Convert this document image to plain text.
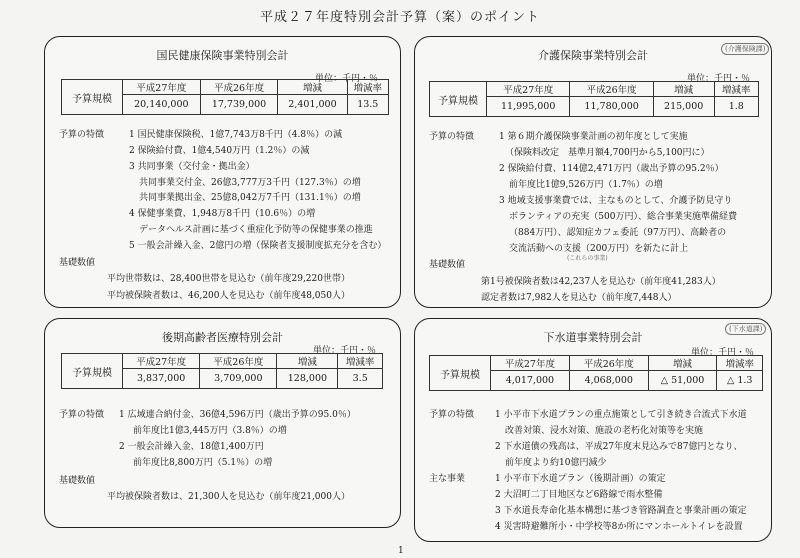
平成２７年度特別会計予算（案）のポイント
国民健康保険事業特別会計
単位：千円・％
予算規模	平成27年度	平成26年度	増減	増減率
	20,140,000	17,739,000	2,401,000	13.5
予算の特徴	1 国民健康保険税、1億7,743万8千円（4.8％）の減
2 保険給付費、1億4,540万円（1.2％）の減
3 共同事業（交付金・拠出金）
共同事業交付金、26億3,777万3千円（127.3％）の増
共同事業拠出金、25億8,042万7千円（131.1％）の増
4 保健事業費、1,948万8千円（10.6％）の増
データヘルス計画に基づく重症化予防等の保健事業の推進
5 一般会計繰入金、2億円の増（保険者支援制度拡充分を含む）
基礎数値
平均世帯数は、28,400世帯を見込む（前年度29,220世帯）
平均被保険者数は、46,200人を見込む（前年度48,050人）
介護保険事業特別会計	(介護保険課)
単位：千円・％
予算規模	平成27年度	平成26年度	増減	増減率
	11,995,000	11,780,000	215,000	1.8
予算の特徴	1 第６期介護保険事業計画の初年度として実施
（保険料改定　基準月額4,700円から5,100円に）
2 保険給付費、114億2,471万円（歳出予算の95.2％）
前年度比1億9,526万円（1.7％）の増
3 地域支援事業費では、主なものとして、介護予防見守り
ボランティアの充実（500万円）、総合事業実施準備経費
（884万円）、認知症カフェ委託（97万円）、高齢者の
交流活動への支援（200万円）を新たに計上
(これらの事業)
基礎数値
第1号被保険者数は42,237人を見込む（前年度41,283人）
認定者数は7,982人を見込む（前年度7,448人）
後期高齢者医療特別会計
単位：千円・％
予算規模	平成27年度	平成26年度	増減	増減率
	3,837,000	3,709,000	128,000	3.5
予算の特徴 1 広域連合納付金、36億4,596万円（歳出予算の95.0％）
前年度比1億3,445万円（3.8％）の増
2 一般会計繰入金、18億1,400万円
前年度比8,800万円（5.1％）の増
基礎数値
平均被保険者数は、21,300人を見込む（前年度21,000人）
下水道事業特別会計
(下水道課)
単位：千円・％
予算規模	平成27年度	平成26年度	増減	増減率
	4,017,000	4,068,000	△ 51,000	△ 1.3
予算の特徴 1 小平市下水道プランの重点施策として引き続き合流式下水道
改善対策、浸水対策、施設の老朽化対策等を実施
2 下水道債の残高は、平成27年度末見込みで87億円となり、
前年度より約10億円減少
主な事業	1 小平市下水道プラン（後期計画）の策定
2 大沼町二丁目地区など6路線で雨水整備
3 下水道長寿命化基本構想に基づき管路調査と事業計画の策定
4 災害時避難所小・中学校等8か所にマンホールトイレを設置
1
